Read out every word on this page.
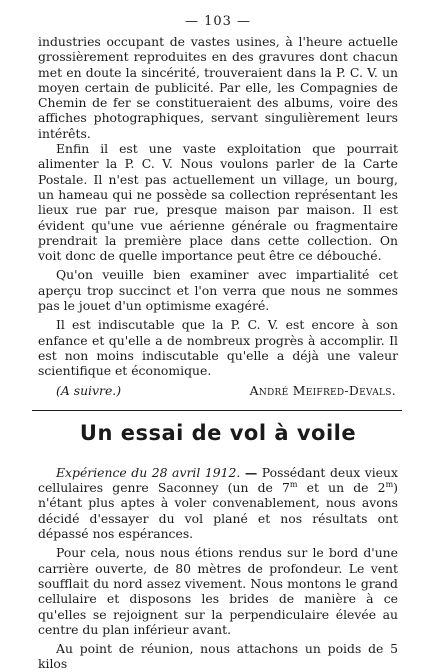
— 103 —

industries occupant de vastes usines, à l'heure actuelle grossièrement reproduites en des gravures dont chacun met en doute la sincérité, trouveraient dans la P. C. V. un moyen certain de publicité. Par elle, les Compagnies de Chemin de fer se constitueraient des albums, voire des affiches photographiques, servant singulièrement leurs intérêts.

Enfin il est une vaste exploitation que pourrait alimenter la P. C. V. Nous voulons parler de la Carte Postale. Il n'est pas actuellement un village, un bourg, un hameau qui ne possède sa collection représentant les lieux rue par rue, presque maison par maison. Il est évident qu'une vue aérienne générale ou fragmentaire prendrait la première place dans cette collection. On voit donc de quelle importance peut être ce débouché.

Qu'on veuille bien examiner avec impartialité cet aperçu trop succinct et l'on verra que nous ne sommes pas le jouet d'un optimisme exagéré.

Il est indiscutable que la P. C. V. est encore à son enfance et qu'elle a de nombreux progrès à accomplir. Il est non moins indiscutable qu'elle a déjà une valeur scientifique et économique.

(A suivre.)	André Meifred-Devals.
Un essai de vol à voile

Expérience du 28 avril 1912. — Possédant deux vieux cellulaires genre Saconney (un de 7$^m$ et un de 2$^m$) n'étant plus aptes à voler convenablement, nous avons décidé d'essayer du vol plané et nos résultats ont dépassé nos espérances.

Pour cela, nous nous étions rendus sur le bord d'une carrière ouverte, de 80 mètres de profondeur. Le vent soufflait du nord assez vivement. Nous montons le grand cellulaire et disposons les brides de manière à ce qu'elles se rejoignent sur la perpendiculaire élevée au centre du plan inférieur avant.

Au point de réunion, nous attachons un poids de 5 kilos
